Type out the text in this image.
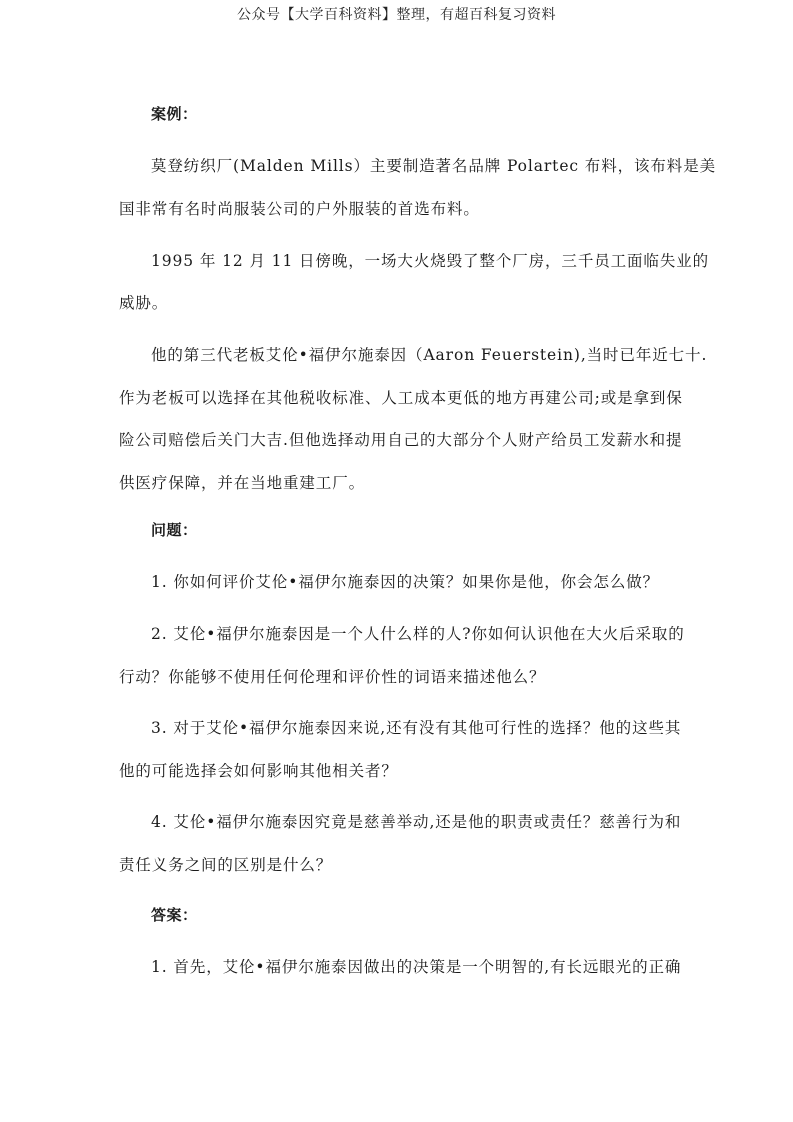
公众号【大学百科资料】整理，有超百科复习资料
案例：
莫登纺织厂(Malden Mills）主要制造著名品牌 Polartec 布料，该布料是美
国非常有名时尚服装公司的户外服装的首选布料。
1995 年 12 月 11 日傍晚，一场大火烧毁了整个厂房，三千员工面临失业的
威胁。
他的第三代老板艾伦•福伊尔施泰因（Aaron Feuerstein),当时已年近七十.
作为老板可以选择在其他税收标准、人工成本更低的地方再建公司;或是拿到保
险公司赔偿后关门大吉.但他选择动用自己的大部分个人财产给员工发薪水和提
供医疗保障，并在当地重建工厂。
问题：
1. 你如何评价艾伦•福伊尔施泰因的决策？如果你是他，你会怎么做？
2. 艾伦•福伊尔施泰因是一个人什么样的人?你如何认识他在大火后采取的
行动？你能够不使用任何伦理和评价性的词语来描述他么？
3. 对于艾伦•福伊尔施泰因来说,还有没有其他可行性的选择？他的这些其
他的可能选择会如何影响其他相关者？
4. 艾伦•福伊尔施泰因究竟是慈善举动,还是他的职责或责任？慈善行为和
责任义务之间的区别是什么？
答案：
1. 首先，艾伦•福伊尔施泰因做出的决策是一个明智的,有长远眼光的正确
